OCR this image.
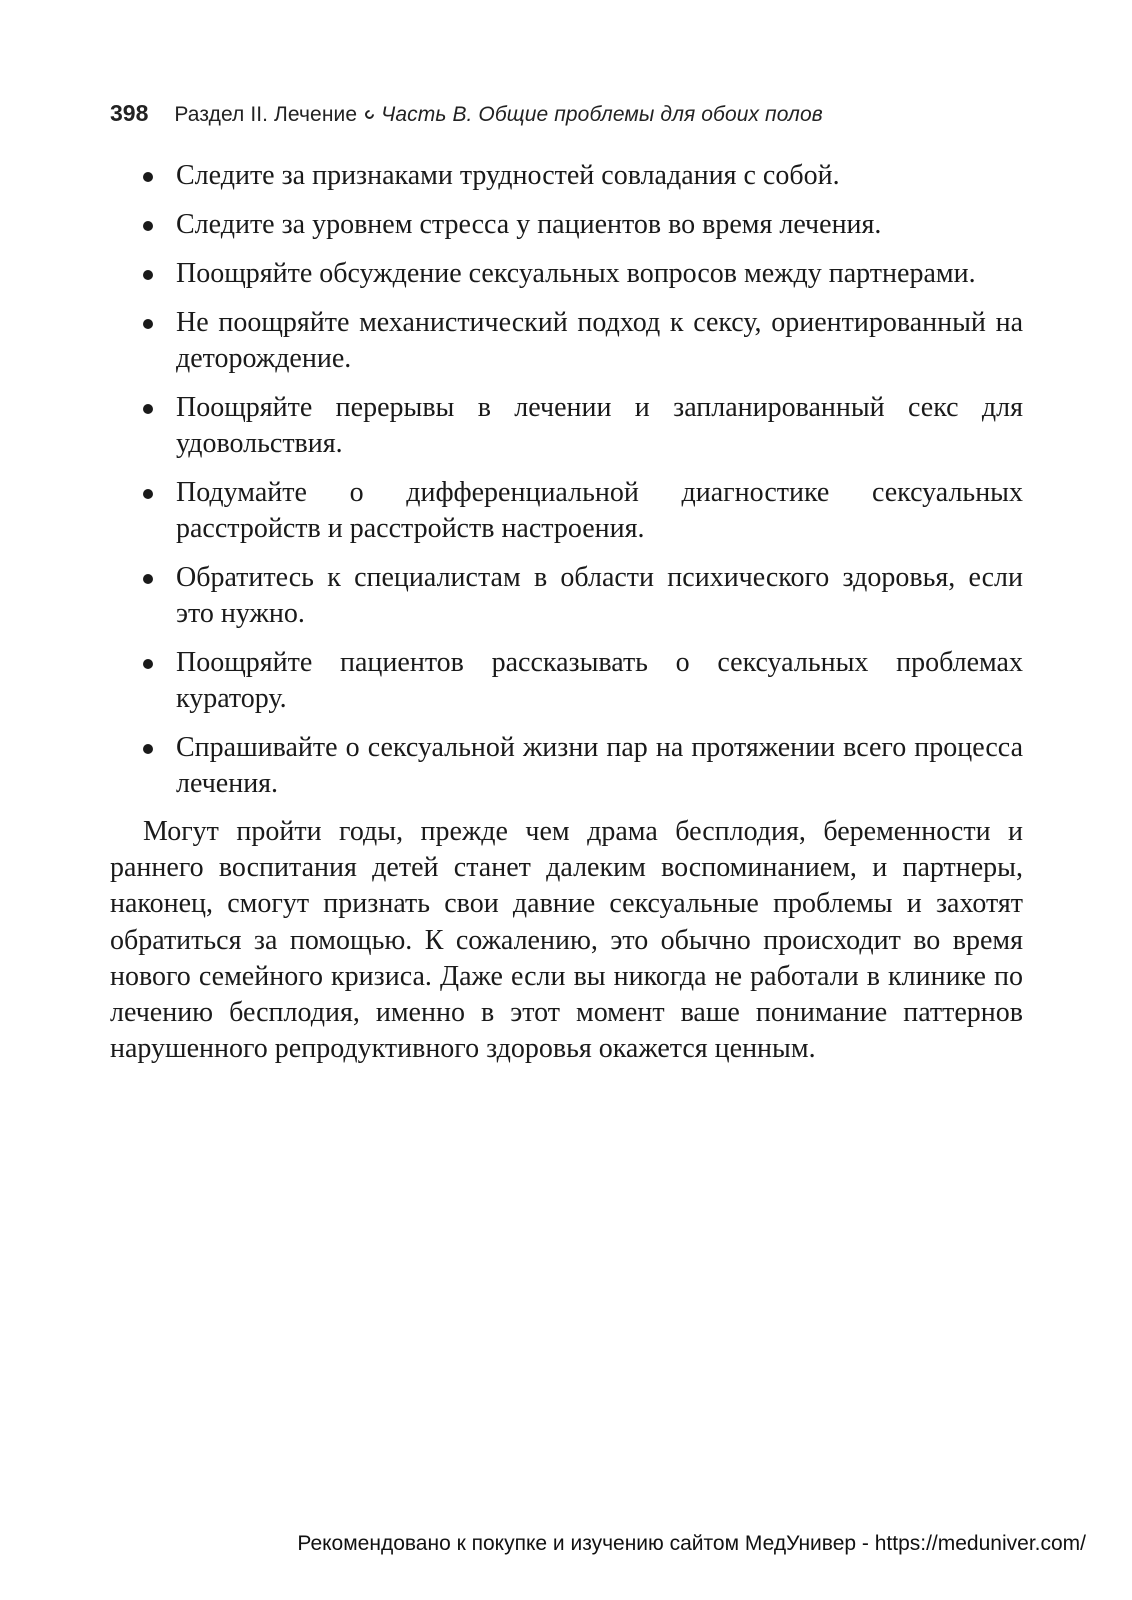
398 Раздел II. Лечение Часть B. Общие проблемы для обоих полов
Следите за признаками трудностей совладания с собой.
Следите за уровнем стресса у пациентов во время лечения.
Поощряйте обсуждение сексуальных вопросов между партнерами.
Не поощряйте механистический подход к сексу, ориентированный на деторождение.
Поощряйте перерывы в лечении и запланированный секс для удовольствия.
Подумайте о дифференциальной диагностике сексуальных расстройств и расстройств настроения.
Обратитесь к специалистам в области психического здоровья, если это нужно.
Поощряйте пациентов рассказывать о сексуальных проблемах куратору.
Спрашивайте о сексуальной жизни пар на протяжении всего процесса лечения.

Могут пройти годы, прежде чем драма бесплодия, беременности и раннего воспитания детей станет далеким воспоминанием, и партнеры, наконец, смогут признать свои давние сексуальные проблемы и захотят обратиться за помощью. К сожалению, это обычно происходит во время нового семейного кризиса. Даже если вы никогда не работали в клинике по лечению бесплодия, именно в этот момент ваше понимание паттернов нарушенного репродуктивного здоровья окажется ценным.

Рекомендовано к покупке и изучению сайтом МедУнивер - https://meduniver.com/
